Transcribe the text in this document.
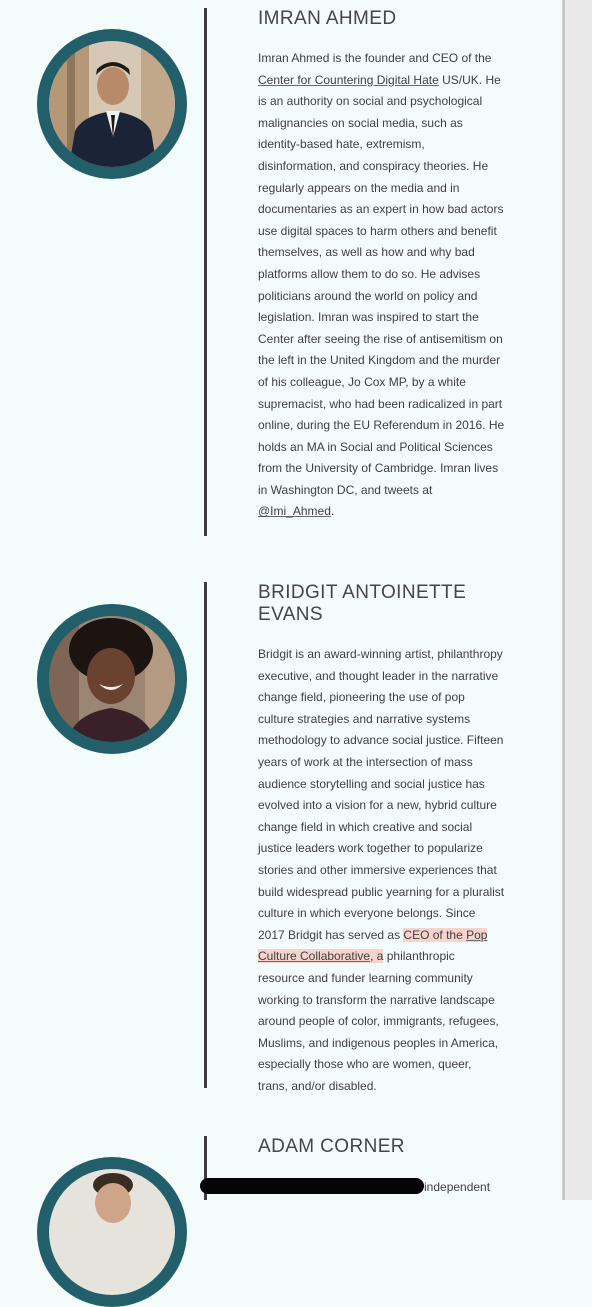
IMRAN AHMED
Imran Ahmed is the founder and CEO of the
Center for Countering Digital Hate US/UK. He
is an authority on social and psychological
malignancies on social media, such as
identity-based hate, extremism,
disinformation, and conspiracy theories. He
regularly appears on the media and in
documentaries as an expert in how bad actors
use digital spaces to harm others and benefit
themselves, as well as how and why bad
platforms allow them to do so. He advises
politicians around the world on policy and
legislation. Imran was inspired to start the
Center after seeing the rise of antisemitism on
the left in the United Kingdom and the murder
of his colleague, Jo Cox MP, by a white
supremacist, who had been radicalized in part
online, during the EU Referendum in 2016. He
holds an MA in Social and Political Sciences
from the University of Cambridge. Imran lives
in Washington DC, and tweets at
@Imi_Ahmed.
BRIDGIT ANTOINETTE
EVANS
Bridgit is an award-winning artist, philanthropy
executive, and thought leader in the narrative
change field, pioneering the use of pop
culture strategies and narrative systems
methodology to advance social justice. Fifteen
years of work at the intersection of mass
audience storytelling and social justice has
evolved into a vision for a new, hybrid culture
change field in which creative and social
justice leaders work together to popularize
stories and other immersive experiences that
build widespread public yearning for a pluralist
culture in which everyone belongs. Since
2017 Bridgit has served as CEO of the Pop
Culture Collaborative, a philanthropic
resource and funder learning community
working to transform the narrative landscape
around people of color, immigrants, refugees,
Muslims, and indigenous peoples in America,
especially those who are women, queer,
trans, and/or disabled.
ADAM CORNER
independent
